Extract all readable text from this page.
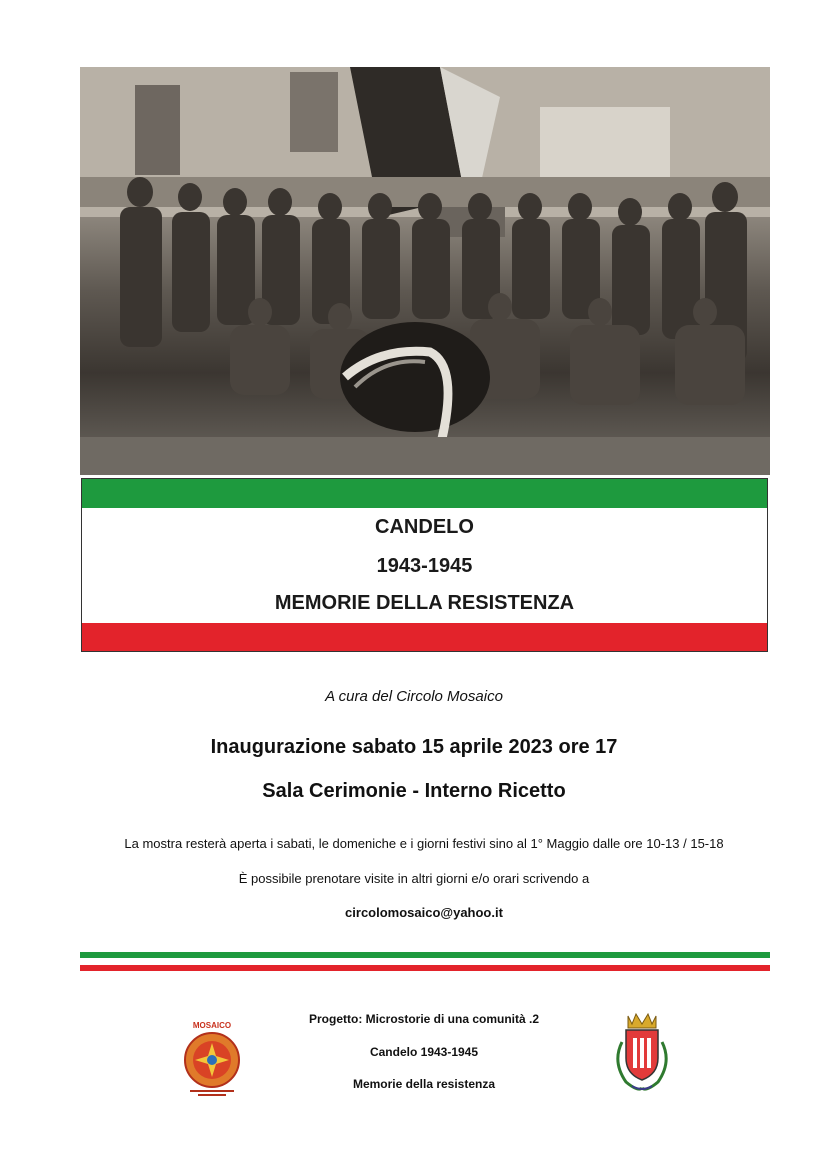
CANDELO
1943-1945
MEMORIE DELLA RESISTENZA
A cura del Circolo Mosaico
Inaugurazione sabato 15 aprile 2023 ore 17
Sala Cerimonie - Interno Ricetto
La mostra resterà aperta i sabati, le domeniche e i giorni festivi sino al 1° Maggio dalle ore 10-13 / 15-18
È possibile prenotare visite in altri giorni e/o orari scrivendo a
circolomosaico@yahoo.it
MOSAICO	Progetto: Microstorie di una comunità .2
Candelo 1943-1945
Memorie della resistenza
